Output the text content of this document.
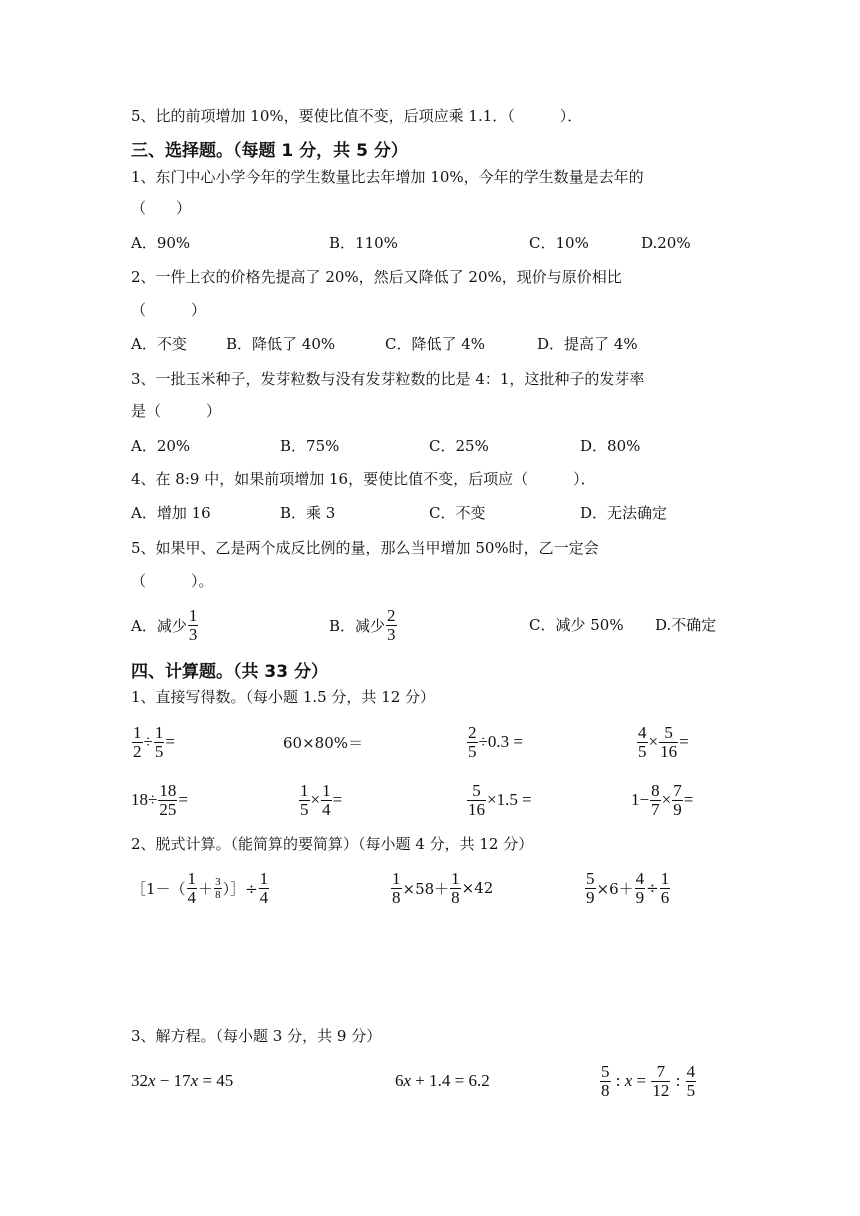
5、比的前项增加 10%，要使比值不变，后项应乘 1.1．（　　　）．
三、选择题。（每题 1 分，共 5 分）
1、东门中心小学今年的学生数量比去年增加 10%，今年的学生数量是去年的
（　　）
A．90%	B．110%	C．10%	D.20%
2、一件上衣的价格先提高了 20%，然后又降低了 20%，现价与原价相比
（　　　）
A．不变	B．降低了 40%	C．降低了 4%	D．提高了 4%
3、一批玉米种子，发芽粒数与没有发芽粒数的比是 4：1，这批种子的发芽率
是（　　　）
A．20%	B．75%	C．25%	D．80%
4、在 8:9 中，如果前项增加 16，要使比值不变，后项应（　　　）．
A．增加 16	B．乘 3	C．不变	D．无法确定
5、如果甲、乙是两个成反比例的量，那么当甲增加 50%时，乙一定会
（　　　）。
A．减少 $\frac{1}{3}$	B．减少 $\frac{2}{3}$	C．减少 50% D.不确定
四、计算题。（共 33 分）
1、直接写得数。（每小题 1.5 分，共 12 分）
$\frac{1}{2} \div \frac{1}{5}$ =	60×80%＝	$\frac{2}{5} \div 0.3$ =	$\frac{4}{5} \times \frac{5}{16}$ =
$18\div \frac{18}{25}$ =	$\frac{1}{5} \times \frac{1}{4}$ =	$\frac{5}{16} \times 1.5$ =	$1- \frac{8}{7} \times \frac{7}{9}$ =
2、脱式计算。（能简算的要简算）（每小题 4 分，共 12 分）
［1－（ $\frac{1}{4} + \frac{3}{8}$ ）］÷ $\frac{1}{4}$	$\frac{1}{8} \times 58+ \frac{1}{8} \times 42$	$\frac{5}{9} \times 6+ \frac{4}{9} \div \frac{1}{6}$
3、解方程。（每小题 3 分，共 9 分）
32 x − 17 x = 45	6 x + 1.4 = 6.2	$\frac{5}{8}$ : $x = \frac{7}{12}$ : $\frac{4}{5}$
